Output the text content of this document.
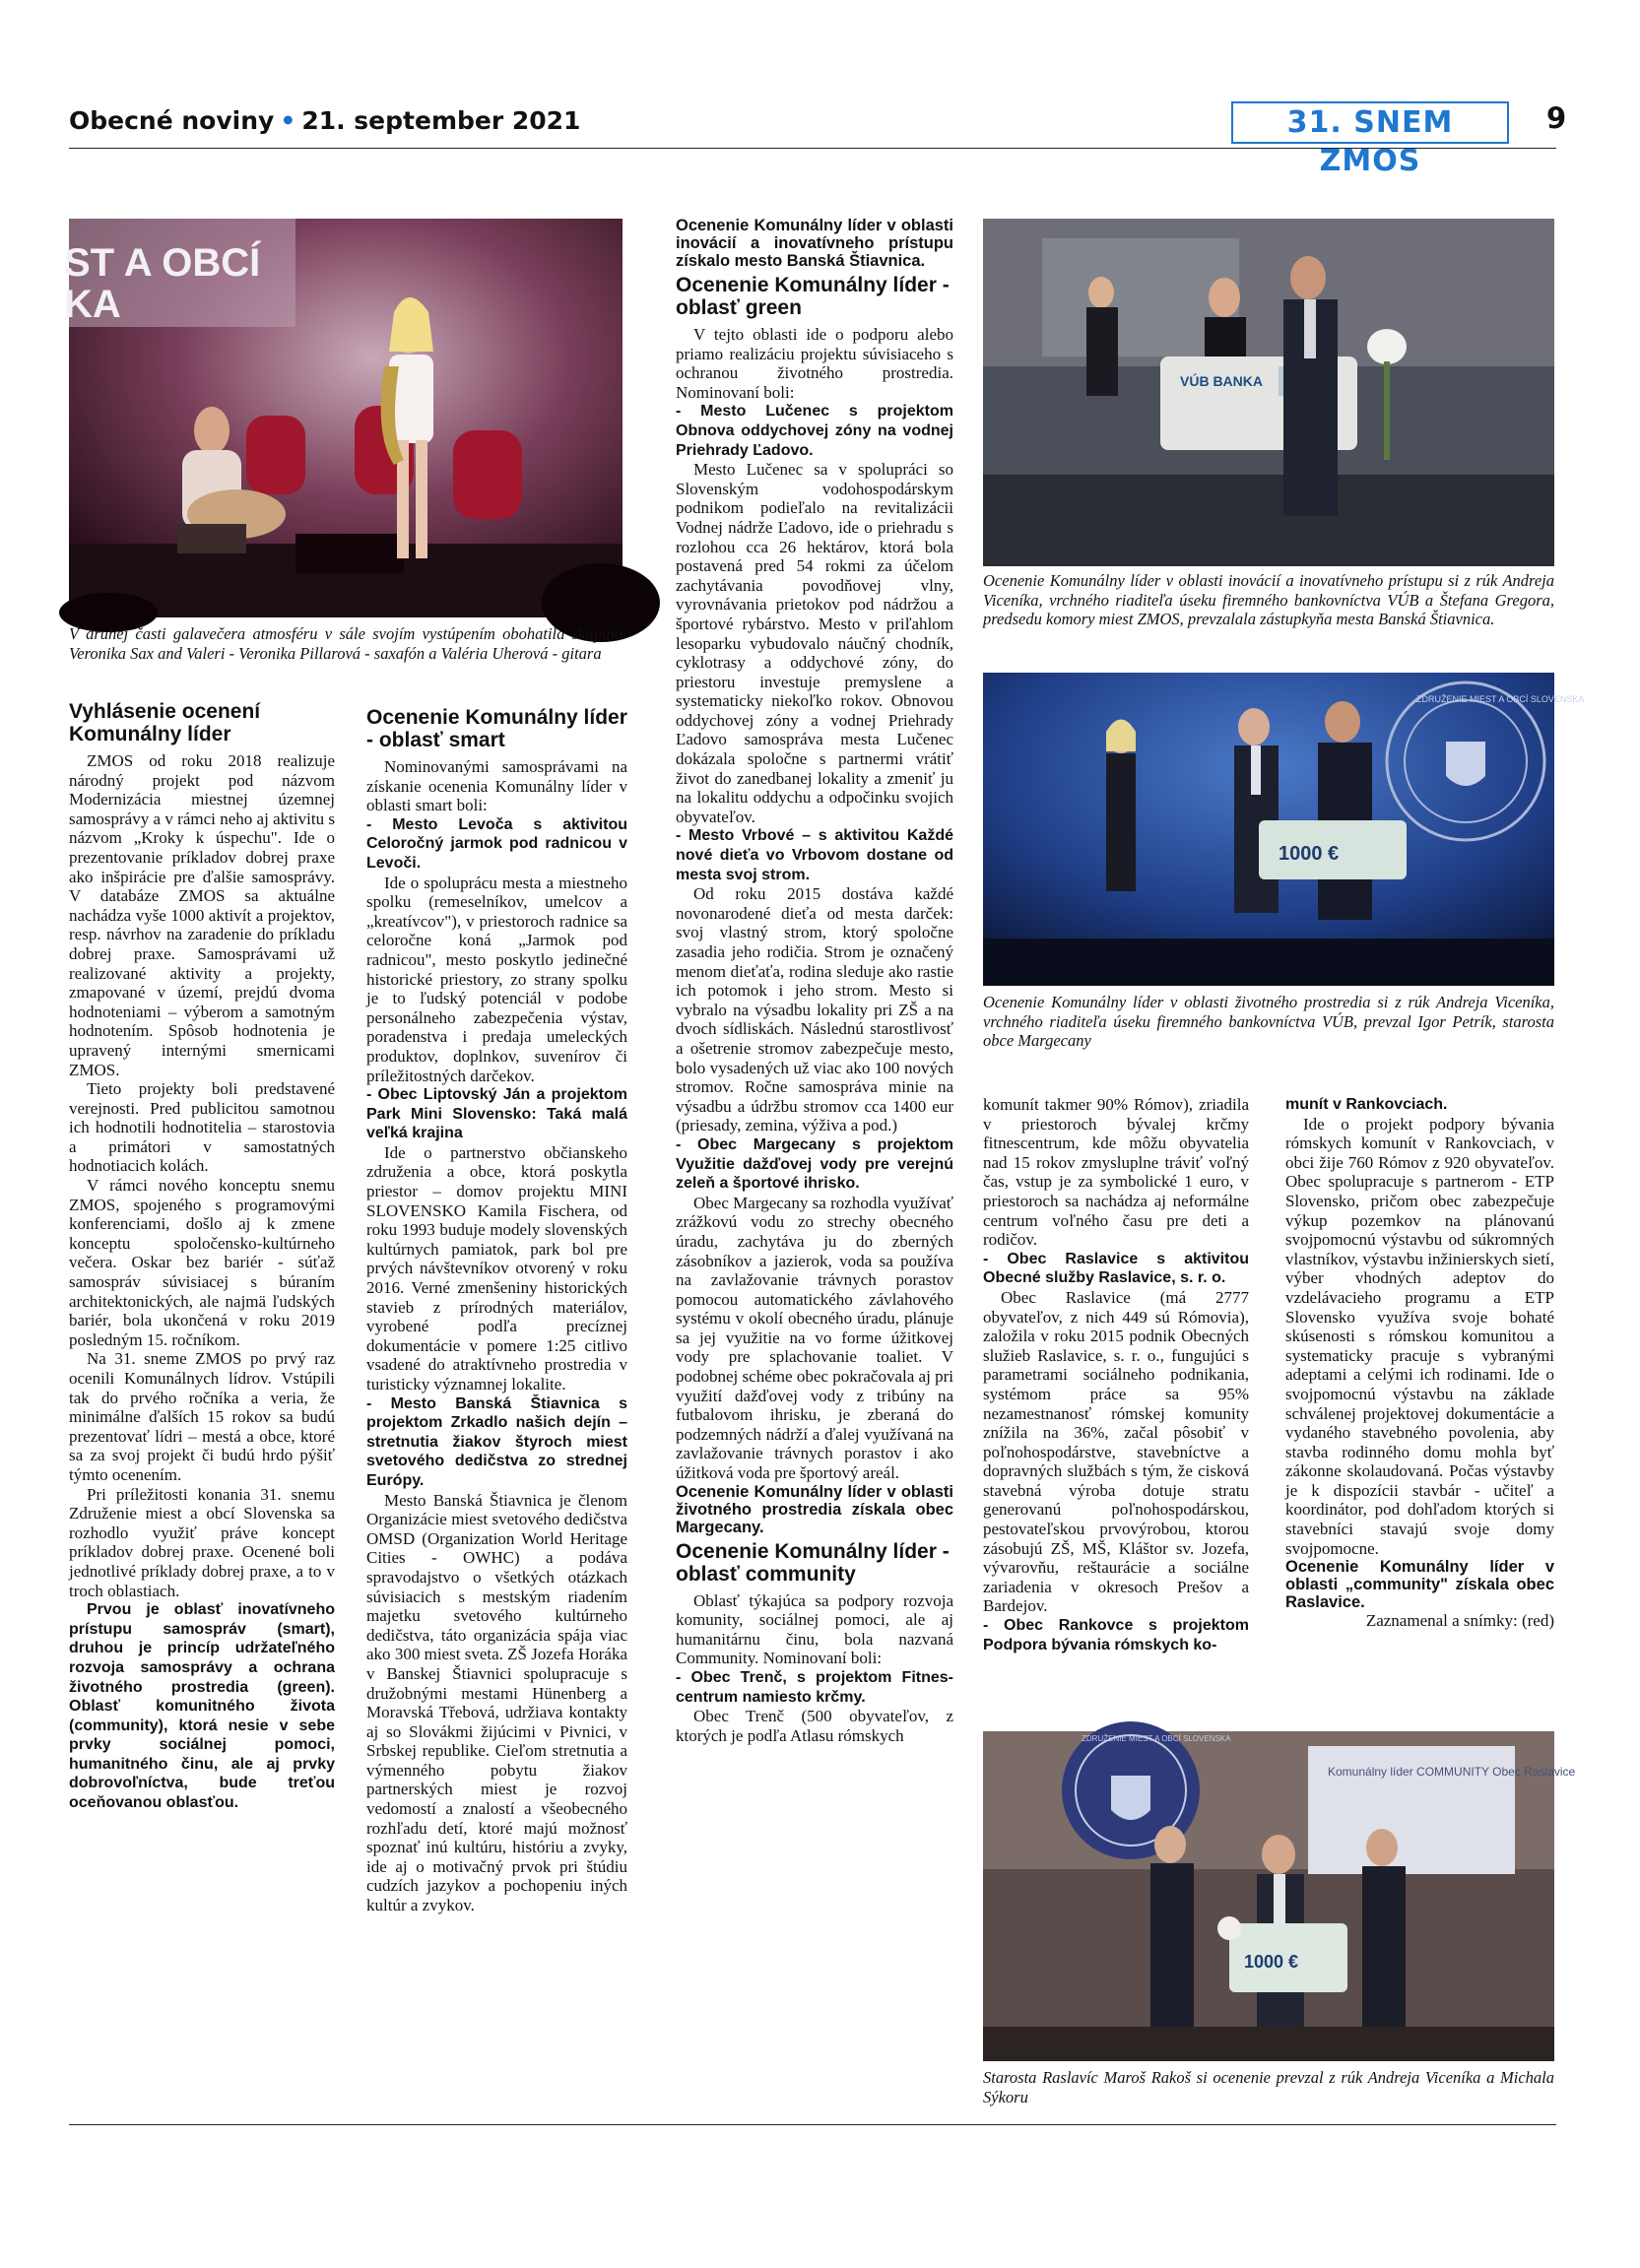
Obecné noviny • 21. september 2021	31. SNEM ZMOS
9
ST A OBCÍ
KA
V druhej časti galavečera atmosféru v sále svojím vystúpením obohatila skupina Veronika Sax and Valeri - Veronika Pillarová - saxafón a Valéria Uherová - gitara
VÚB BANKA
Ocenenie Komunálny líder v oblasti inovácií a inovatívneho prístupu si z rúk Andreja Viceníka, vrchného riaditeľa úseku firemného bankovníctva VÚB a Štefana Gregora, predsedu komory miest ZMOS, prevzalala zástupkyňa mesta Banská Štiavnica.
ZDRUŽENIE MIEST A OBCÍ SLOVENSKA
1000 €
Ocenenie Komunálny líder v oblasti životného prostredia si z rúk Andreja Viceníka, vrchného riaditeľa úseku firemného bankovníctva VÚB, prevzal Igor Petrík, starosta obce Margecany
Komunálny líder COMMUNITY Obec Raslavice
ZDRUŽENIE MIEST A OBCÍ SLOVENSKA
1000 €
Starosta Raslavíc Maroš Rakoš si ocenenie prevzal z rúk Andreja Viceníka a Michala Sýkoru
Vyhlásenie ocenení Komunálny líder

ZMOS od roku 2018 realizuje národný projekt pod názvom Modernizácia miestnej územnej samosprávy a v rámci neho aj aktivitu s názvom „Kroky k úspechu". Ide o prezentovanie príkladov dobrej praxe ako inšpirácie pre ďalšie samosprávy. V databáze ZMOS sa aktuálne nachádza vyše 1000 aktivít a projektov, resp. návrhov na zaradenie do príkladu dobrej praxe. Samosprávami už realizované aktivity a projekty, zmapované v území, prejdú dvoma hodnoteniami – výberom a samotným hodnotením. Spôsob hodnotenia je upravený internými smernicami ZMOS.

Tieto projekty boli predstavené verejnosti. Pred publicitou samotnou ich hodnotili hodnotitelia – starostovia a primátori v samostatných hodnotiacich kolách.

V rámci nového konceptu snemu ZMOS, spojeného s programovými konferenciami, došlo aj k zmene konceptu spoločensko-kultúrneho večera. Oskar bez bariér - súťaž samospráv súvisiacej s búraním architektonických, ale najmä ľudských bariér, bola ukončená v roku 2019 posledným 15. ročníkom.

Na 31. sneme ZMOS po prvý raz ocenili Komunálnych lídrov. Vstúpili tak do prvého ročníka a veria, že minimálne ďalších 15 rokov sa budú prezentovať lídri – mestá a obce, ktoré sa za svoj projekt či budú hrdo pýšiť týmto ocenením.

Pri príležitosti konania 31. snemu Združenie miest a obcí Slovenska sa rozhodlo využiť práve koncept príkladov dobrej praxe. Ocenené boli jednotlivé príklady dobrej praxe, a to v troch oblastiach.

Prvou je oblasť inovatívneho prístupu samospráv (smart), druhou je princíp udržateľného rozvoja samosprávy a ochrana životného prostredia (green). Oblasť komunitného života (community), ktorá nesie v sebe prvky sociálnej pomoci, humanitného činu, ale aj prvky dobrovoľníctva, bude treťou oceňovanou oblasťou.

Ocenenie Komunálny líder - oblasť smart

Nominovanými samosprávami na získanie ocenenia Komunálny líder v oblasti smart boli:

- Mesto Levoča s aktivitou Celoročný jarmok pod radnicou v Levoči.

Ide o spoluprácu mesta a miestneho spolku (remeselníkov, umelcov a „kreatívcov"), v priestoroch radnice sa celoročne koná „Jarmok pod radnicou", mesto poskytlo jedinečné historické priestory, zo strany spolku je to ľudský potenciál v podobe personálneho zabezpečenia výstav, poradenstva i predaja umeleckých produktov, doplnkov, suvenírov či príležitostných darčekov.

- Obec Liptovský Ján a projektom Park Mini Slovensko: Taká malá veľká krajina

Ide o partnerstvo občianskeho združenia a obce, ktorá poskytla priestor – domov projektu MINI SLOVENSKO Kamila Fischera, od roku 1993 buduje modely slovenských kultúrnych pamiatok, park bol pre prvých návštevníkov otvorený v roku 2016. Verné zmenšeniny historických stavieb z prírodných materiálov, vyrobené podľa precíznej dokumentácie v pomere 1:25 citlivo vsadené do atraktívneho prostredia v turisticky významnej lokalite.

- Mesto Banská Štiavnica s projektom Zrkadlo našich dejín – stretnutia žiakov štyroch miest svetového dedičstva zo strednej Európy.

Mesto Banská Štiavnica je členom Organizácie miest svetového dedičstva OMSD (Organization World Heritage Cities - OWHC) a podáva spravodajstvo o všetkých otázkach súvisiacich s mestským riadením majetku svetového kultúrneho dedičstva, táto organizácia spája viac ako 300 miest sveta. ZŠ Jozefa Horáka v Banskej Štiavnici spolupracuje s družobnými mestami Hünenberg a Moravská Třebová, udržiava kontakty aj so Slovákmi žijúcimi v Pivnici, v Srbskej republike. Cieľom stretnutia a výmenného pobytu žiakov partnerských miest je rozvoj vedomostí a znalostí a všeobecného rozhľadu detí, ktoré majú možnosť spoznať inú kultúru, históriu a zvyky, ide aj o motivačný prvok pri štúdiu cudzích jazykov a pochopeniu iných kultúr a zvykov.

Ocenenie Komunálny líder v oblasti inovácií a inovatívneho prístupu získalo mesto Banská Štiavnica.

Ocenenie Komunálny líder - oblasť green

V tejto oblasti ide o podporu alebo priamo realizáciu projektu súvisiaceho s ochranou životného prostredia. Nominovaní boli:

- Mesto Lučenec s projektom Obnova oddychovej zóny na vodnej Priehrady Ľadovo.

Mesto Lučenec sa v spolupráci so Slovenským vodohospodárskym podnikom podieľalo na revitalizácii Vodnej nádrže Ľadovo, ide o priehradu s rozlohou cca 26 hektárov, ktorá bola postavená pred 54 rokmi za účelom zachytávania povodňovej vlny, vyrovnávania prietokov pod nádržou a športové rybárstvo. Mesto v priľahlom lesoparku vybudovalo náučný chodník, cyklotrasy a oddychové zóny, do priestoru investuje premyslene a systematicky niekoľko rokov. Obnovou oddychovej zóny a vodnej Priehrady Ľadovo samospráva mesta Lučenec dokázala spoločne s partnermi vrátiť život do zanedbanej lokality a zmeniť ju na lokalitu oddychu a odpočinku svojich obyvateľov.

- Mesto Vrbové – s aktivitou Každé nové dieťa vo Vrbovom dostane od mesta svoj strom.

Od roku 2015 dostáva každé novonarodené dieťa od mesta darček: svoj vlastný strom, ktorý spoločne zasadia jeho rodičia. Strom je označený menom dieťaťa, rodina sleduje ako rastie ich potomok i jeho strom. Mesto si vybralo na výsadbu lokality pri ZŠ a na dvoch sídliskách. Následnú starostlivosť a ošetrenie stromov zabezpečuje mesto, bolo vysadených už viac ako 100 nových stromov. Ročne samospráva minie na výsadbu a údržbu stromov cca 1400 eur (priesady, zemina, výživa a pod.)

- Obec Margecany s projektom Využitie dažďovej vody pre verejnú zeleň a športové ihrisko.

Obec Margecany sa rozhodla využívať zrážkovú vodu zo strechy obecného úradu, zachytáva ju do zberných zásobníkov a jazierok, voda sa používa na zavlažovanie trávnych porastov pomocou automatického závlahového systému v okolí obecného úradu, plánuje sa jej využitie na vo forme úžitkovej vody pre splachovanie toaliet. V podobnej schéme obec pokračovala aj pri využití dažďovej vody z tribúny na futbalovom ihrisku, je zberaná do podzemných nádrží a ďalej využívaná na zavlažovanie trávnych porastov i ako úžitková voda pre športový areál.

Ocenenie Komunálny líder v oblasti životného prostredia získala obec Margecany.

Ocenenie Komunálny líder - oblasť community

Oblasť týkajúca sa podpory rozvoja komunity, sociálnej pomoci, ale aj humanitárnu činu, bola nazvaná Community. Nominovaní boli:

- Obec Trenč, s projektom Fitnes-centrum namiesto krčmy.

Obec Trenč (500 obyvateľov, z ktorých je podľa Atlasu rómskych

komunít takmer 90% Rómov), zriadila v priestoroch bývalej krčmy fitnescentrum, kde môžu obyvatelia nad 15 rokov zmysluplne tráviť voľný čas, vstup je za symbolické 1 euro, v priestoroch sa nachádza aj neformálne centrum voľného času pre deti a rodičov.

- Obec Raslavice s aktivitou Obecné služby Raslavice, s. r. o.

Obec Raslavice (má 2777 obyvateľov, z nich 449 sú Rómovia), založila v roku 2015 podnik Obecných služieb Raslavice, s. r. o., fungujúci s parametrami sociálneho podnikania, systémom práce sa 95% nezamestnanosť rómskej komunity znížila na 36%, začal pôsobiť v poľnohospodárstve, stavebníctve a dopravných službách s tým, že cisková stavebná výroba dotuje stratu generovanú poľnohospodárskou, pestovateľskou prvovýrobou, ktorou zásobujú ZŠ, MŠ, Kláštor sv. Jozefa, vývarovňu, reštaurácie a sociálne zariadenia v okresoch Prešov a Bardejov.

- Obec Rankovce s projektom Podpora bývania rómskych ko-

munít v Rankovciach.

Ide o projekt podpory bývania rómskych komunít v Rankovciach, v obci žije 760 Rómov z 920 obyvateľov. Obec spolupracuje s partnerom - ETP Slovensko, pričom obec zabezpečuje výkup pozemkov na plánovanú svojpomocnú výstavbu od súkromných vlastníkov, výstavbu inžinierskych sietí, výber vhodných adeptov do vzdelávacieho programu a ETP Slovensko využíva svoje bohaté skúsenosti s rómskou komunitou a systematicky pracuje s vybranými adeptami a celými ich rodinami. Ide o svojpomocnú výstavbu na základe schválenej projektovej dokumentácie a vydaného stavebného povolenia, aby stavba rodinného domu mohla byť zákonne skolaudovaná. Počas výstavby je k dispozícii stavbár - učiteľ a koordinátor, pod dohľadom ktorých si stavebníci stavajú svoje domy svojpomocne.

Ocenenie Komunálny líder v oblasti „community" získala obec Raslavice.

Zaznamenal a snímky: (red)
